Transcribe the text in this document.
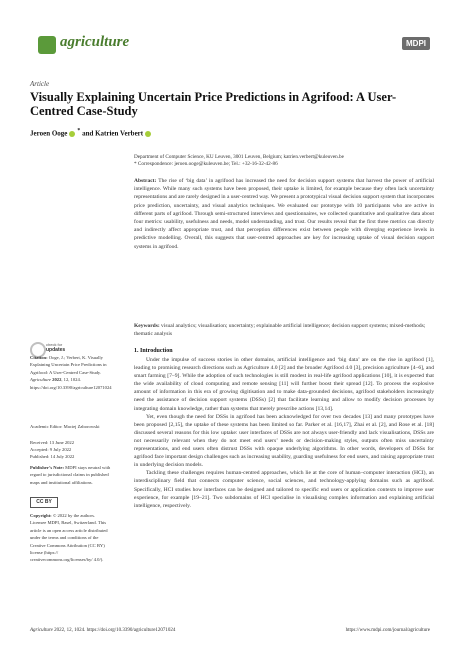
agriculture	MDPI
Article
Visually Explaining Uncertain Price Predictions in Agrifood: A User-Centred Case-Study
Jeroen Ooge * and Katrien Verbert
Department of Computer Science, KU Leuven, 3001 Leuven, Belgium; katrien.verbert@kuleuven.be
* Correspondence: jeroen.ooge@kuleuven.be; Tel.: +32-16-32-42-86
Abstract: The rise of ‘big data’ in agrifood has increased the need for decision support systems that harvest the power of artificial intelligence. While many such systems have been proposed, their uptake is limited, for example because they often lack uncertainty representations and are rarely designed in a user-centred way. We present a prototypical visual decision support system that incorporates price prediction, uncertainty, and visual analytics techniques. We evaluated our prototype with 10 participants who are active in different parts of agrifood. Through semi-structured interviews and questionnaires, we collected quantitative and qualitative data about four metrics: usability, usefulness and needs, model understanding, and trust. Our results reveal that the first three metrics can directly and indirectly affect appropriate trust, and that perception differences exist between people with diverging experience levels in predictive modelling. Overall, this suggests that user-centred approaches are key for increasing uptake of visual decision support systems in agrifood.
Keywords: visual analytics; visualisation; uncertainty; explainable artificial intelligence; decision support systems; mixed-methods; thematic analysis
check for
updates
Citation: Ooge, J.; Verbert, K. Visually Explaining Uncertain Price Predictions in Agrifood: A User-Centred Case-Study. Agriculture 2022, 12, 1024. https://doi.org/10.3390/agriculture12071024
Academic Editor: Maciej Zaborowski
Received: 13 June 2022
Accepted: 9 July 2022
Published: 14 July 2022
Publisher’s Note: MDPI stays neutral with regard to jurisdictional claims in published maps and institutional affiliations.
CC BY
Copyright: © 2022 by the authors. Licensee MDPI, Basel, Switzerland. This article is an open access article distributed under the terms and conditions of the Creative Commons Attribution (CC BY) license (https:// creativecommons.org/licenses/by/ 4.0/).
1. Introduction

Under the impulse of success stories in other domains, artificial intelligence and ‘big data’ are on the rise in agrifood [1], leading to promising research directions such as Agriculture 4.0 [2] and the broader Agrifood 4.0 [3], precision agriculture [4–6], and smart farming [7–9]. While the adoption of such technologies is still modest in real-life agrifood applications [10], it is expected that the wide availability of cloud computing and remote sensing [11] will further boost their spread [12]. To process the explosive amount of information in this era of growing digitisation and to make data-grounded decisions, agrifood stakeholders increasingly need the assistance of decision support systems (DSSs) [2] that facilitate learning and allow to modify decision processes by integrating domain knowledge, rather than systems that merely prescribe actions [13,14].

Yet, even though the need for DSSs in agrifood has been acknowledged for over two decades [13] and many prototypes have been proposed [2,15], the uptake of these systems has been limited so far. Parker et al. [16,17], Zhai et al. [2], and Rose et al. [18] discussed several reasons for this low uptake: user interfaces of DSSs are not always user-friendly and lack visualisations, DSSs are not necessarily relevant when they do not meet end users’ needs or decision-making styles, outputs often miss uncertainty representations, and end users often distrust DSSs with opaque underlying algorithms. In other words, developers of DSSs for agrifood face important design challenges such as increasing usability, guarding usefulness for end users, and raising appropriate trust in underlying decision models.

Tackling these challenges requires human-centred approaches, which lie at the core of human–computer interaction (HCI), an interdisciplinary field that connects computer science, social sciences, and technology-applying domains such as agrifood. Specifically, HCI studies how interfaces can be designed and tailored to specific end users or application contexts to improve user experience, for example [19–21]. Two subdomains of HCI specialise in visualising complex information and explaining artificial intelligence, respectively.

Agriculture 2022, 12, 1024. https://doi.org/10.3390/agriculture12071024	https://www.mdpi.com/journal/agriculture
